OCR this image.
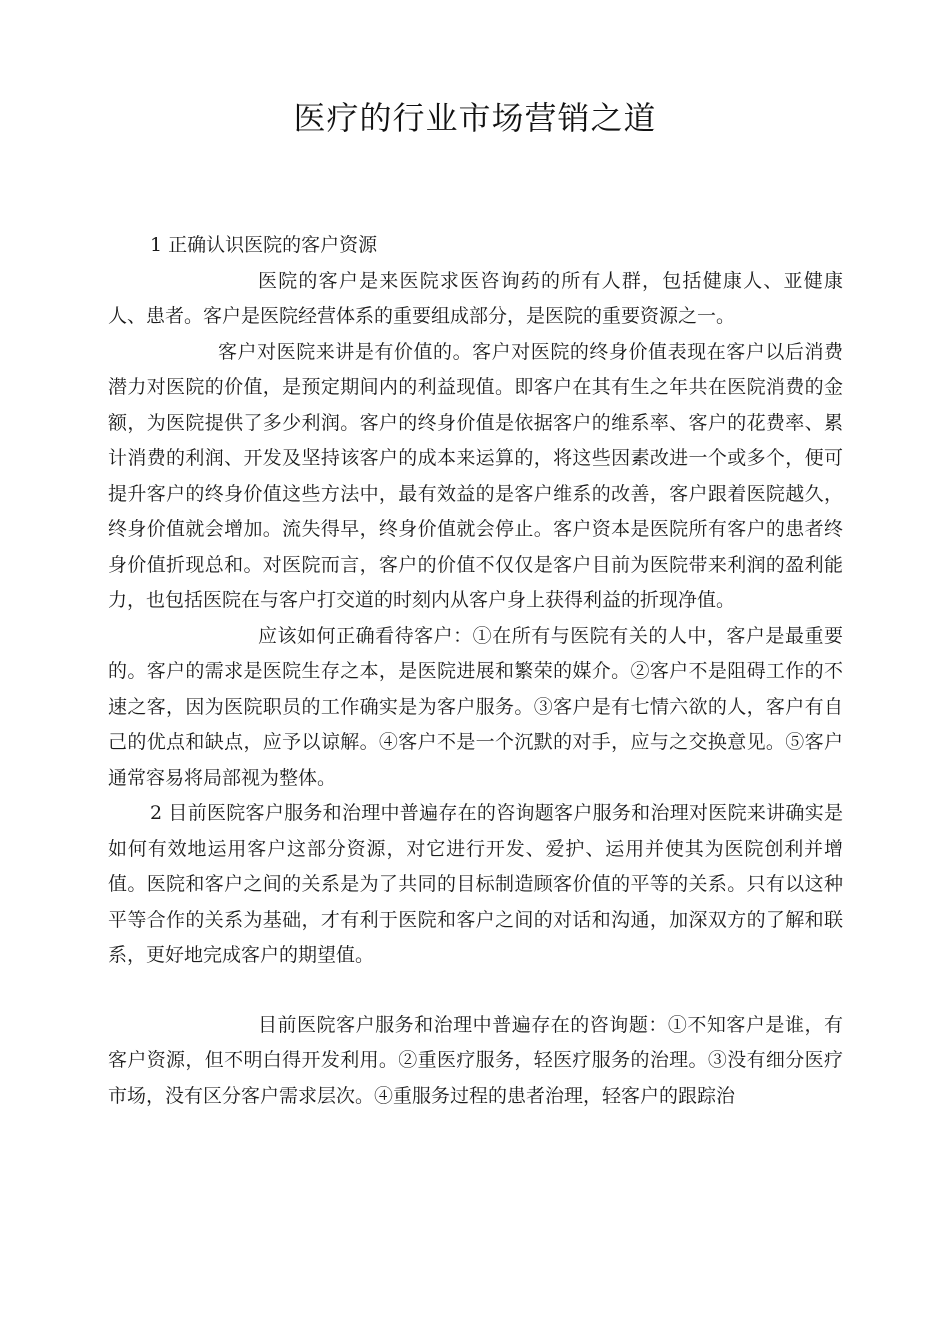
医疗的行业市场营销之道

1 正确认识医院的客户资源

医院的客户是来医院求医咨询药的所有人群，包括健康人、亚健康人、患者。客户是医院经营体系的重要组成部分，是医院的重要资源之一。

客户对医院来讲是有价值的。客户对医院的终身价值表现在客户以后消费潜力对医院的价值，是预定期间内的利益现值。即客户在其有生之年共在医院消费的金额，为医院提供了多少利润。客户的终身价值是依据客户的维系率、客户的花费率、累计消费的利润、开发及坚持该客户的成本来运算的，将这些因素改进一个或多个，便可提升客户的终身价值这些方法中，最有效益的是客户维系的改善，客户跟着医院越久，终身价值就会增加。流失得早，终身价值就会停止。客户资本是医院所有客户的患者终身价值折现总和。对医院而言，客户的价值不仅仅是客户目前为医院带来利润的盈利能力，也包括医院在与客户打交道的时刻内从客户身上获得利益的折现净值。

应该如何正确看待客户：①在所有与医院有关的人中，客户是最重要的。客户的需求是医院生存之本，是医院进展和繁荣的媒介。②客户不是阻碍工作的不速之客，因为医院职员的工作确实是为客户服务。③客户是有七情六欲的人，客户有自己的优点和缺点，应予以谅解。④客户不是一个沉默的对手，应与之交换意见。⑤客户通常容易将局部视为整体。

2 目前医院客户服务和治理中普遍存在的咨询题客户服务和治理对医院来讲确实是如何有效地运用客户这部分资源，对它进行开发、爱护、运用并使其为医院创利并增值。医院和客户之间的关系是为了共同的目标制造顾客价值的平等的关系。只有以这种平等合作的关系为基础，才有利于医院和客户之间的对话和沟通，加深双方的了解和联系，更好地完成客户的期望值。

目前医院客户服务和治理中普遍存在的咨询题：①不知客户是谁，有客户资源，但不明白得开发利用。②重医疗服务，轻医疗服务的治理。③没有细分医疗市场，没有区分客户需求层次。④重服务过程的患者治理，轻客户的跟踪治
